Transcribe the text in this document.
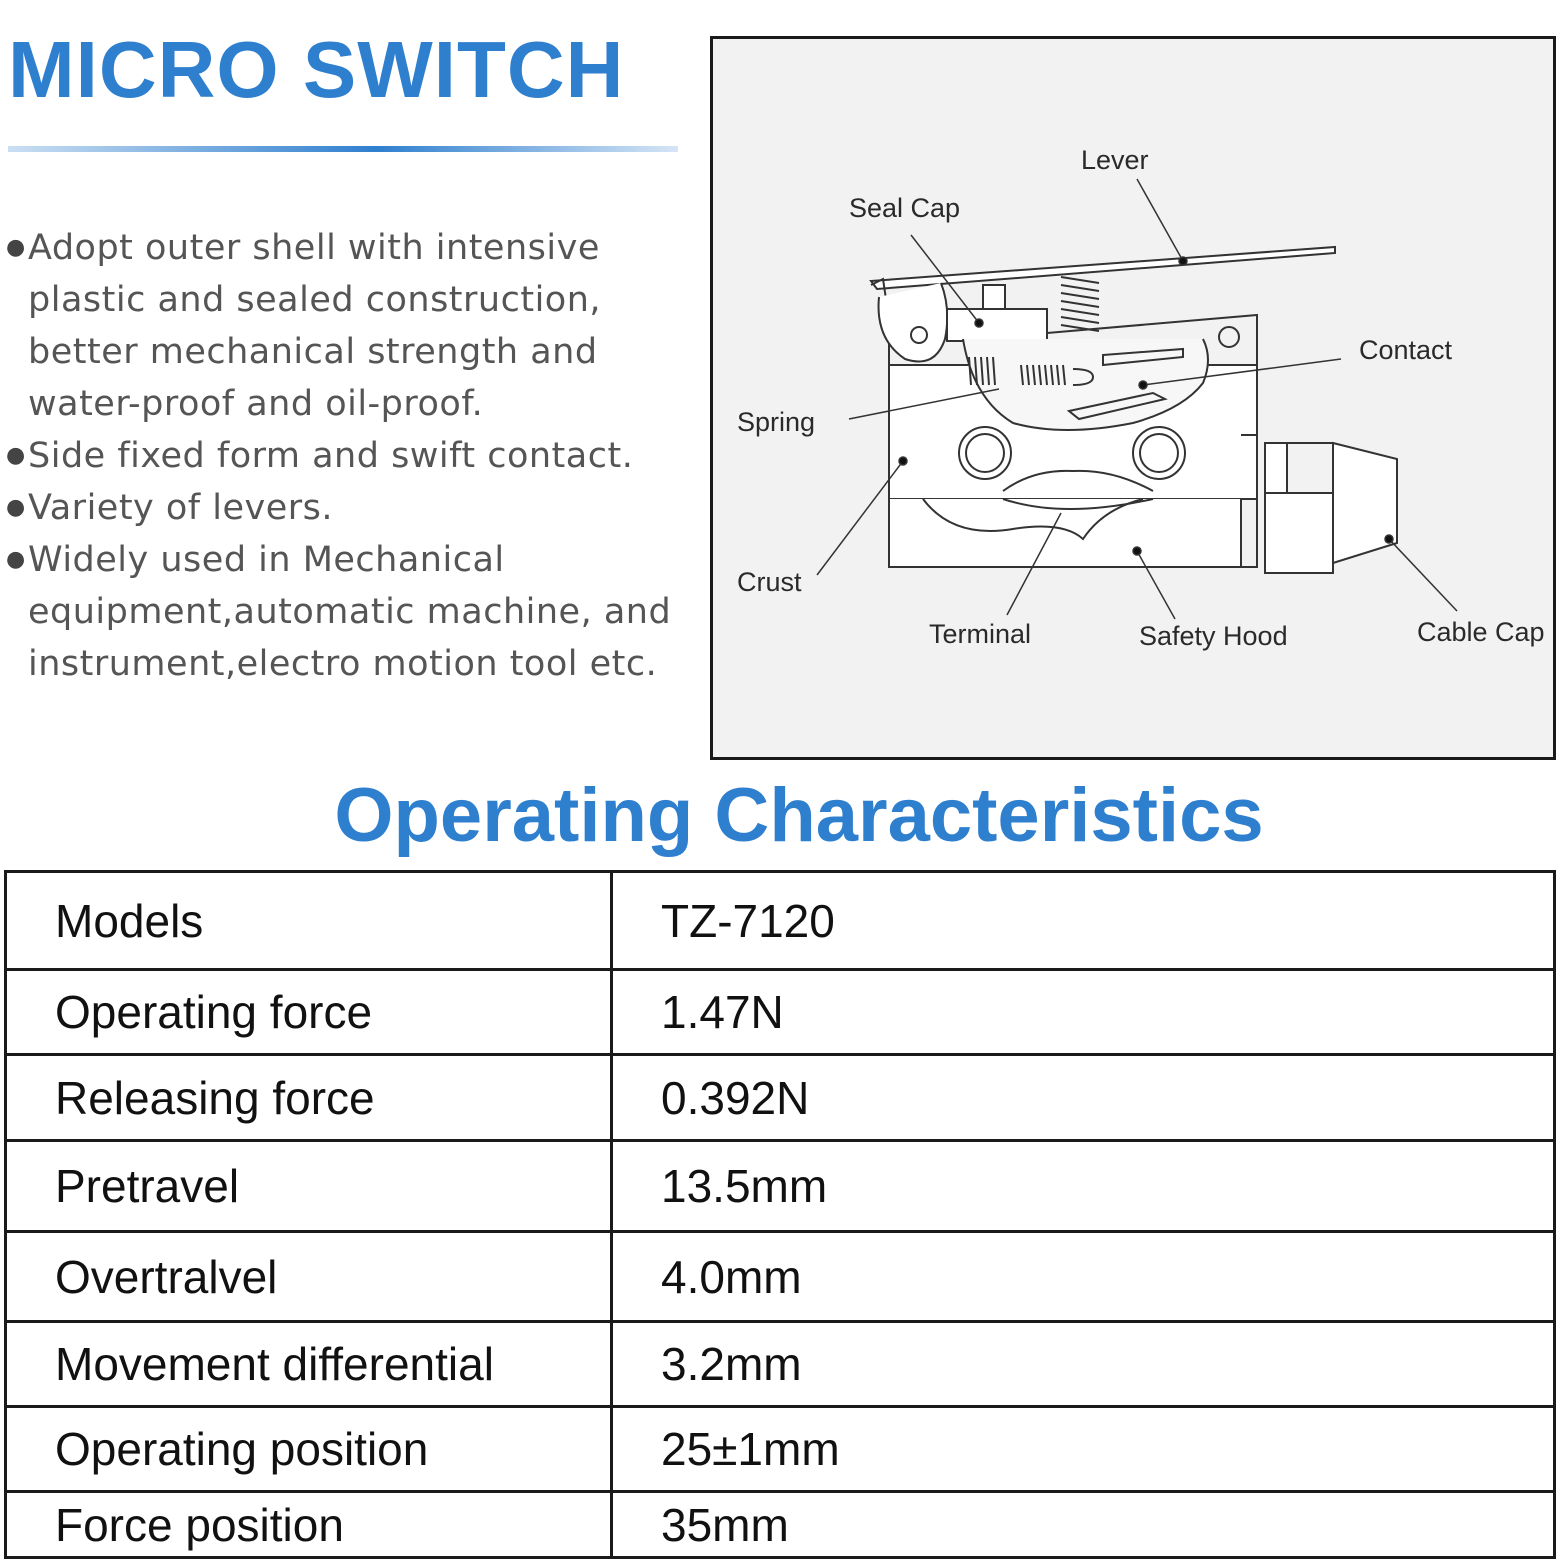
MICRO SWITCH
● Adopt outer shell with intensive plastic and sealed construction, better mechanical strength and water-proof and oil-proof.
● Side fixed form and swift contact.
● Variety of levers.
● Widely used in Mechanical equipment,automatic machine, and instrument,electro motion tool etc.
Lever
Seal Cap
Contact
Spring
Crust
Terminal	Safety Hood	Cable Cap
Operating Characteristics
Models	TZ-7120
Operating force	1.47N
Releasing force	0.392N
Pretravel	13.5mm
Overtralvel	4.0mm
Movement differential	3.2mm
Operating position	25±1mm
Force position	35mm
